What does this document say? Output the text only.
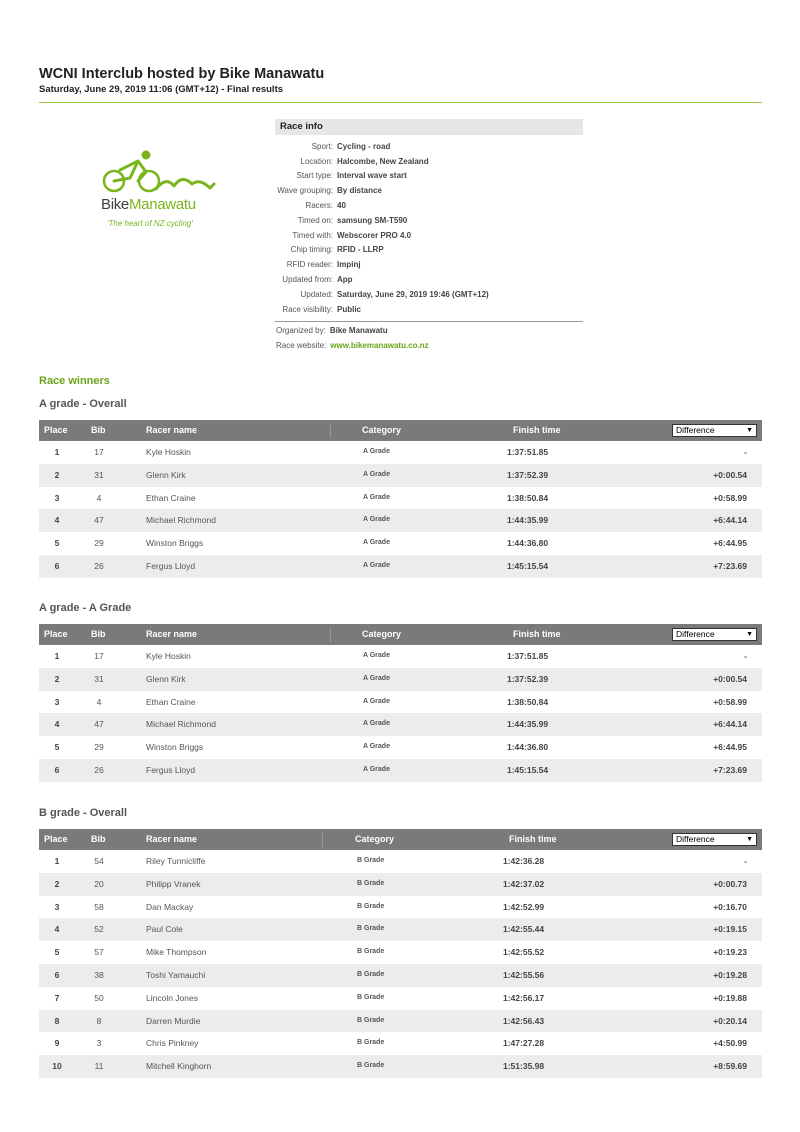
WCNI Interclub hosted by Bike Manawatu
Saturday, June 29, 2019 11:06 (GMT+12) - Final results
BikeManawatu
'The heart of NZ cycling'
Race info
Sport: Cycling - road
Location: Halcombe, New Zealand
Start type: Interval wave start
Wave grouping: By distance
Racers: 40
Timed on: samsung SM-T590
Timed with: Webscorer PRO 4.0
Chip timing: RFID - LLRP
RFID reader: Impinj
Updated from: App
Updated: Saturday, June 29, 2019 19:46 (GMT+12)
Race visibility: Public
Organized by: Bike Manawatu
Race website: www.bikemanawatu.co.nz
Race winners
A grade - Overall
Place	Bib	Racer name	Category	Finish time	Difference	▼
1	17	Kyle Hoskin	A Grade	1:37:51.85	-
2	31	Glenn Kirk	A Grade	1:37:52.39	+0:00.54
3	4	Ethan Craine	A Grade	1:38:50.84	+0:58.99
4	47	Michael Richmond	A Grade	1:44:35.99	+6:44.14
5	29	Winston Briggs	A Grade	1:44:36.80	+6:44.95
6	26	Fergus Lloyd	A Grade	1:45:15.54	+7:23.69
A grade - A Grade
Place	Bib	Racer name	Category	Finish time	Difference	▼
1	17	Kyle Hoskin	A Grade	1:37:51.85	-
2	31	Glenn Kirk	A Grade	1:37:52.39	+0:00.54
3	4	Ethan Craine	A Grade	1:38:50.84	+0:58.99
4	47	Michael Richmond	A Grade	1:44:35.99	+6:44.14
5	29	Winston Briggs	A Grade	1:44:36.80	+6:44.95
6	26	Fergus Lloyd	A Grade	1:45:15.54	+7:23.69
B grade - Overall
Place	Bib	Racer name	Category	Finish time	Difference	▼
1	54	Riley Tunnicliffe	B Grade	1:42:36.28	-
2	20	Philipp Vranek	B Grade	1:42:37.02	+0:00.73
3	58	Dan Mackay	B Grade	1:42:52.99	+0:16.70
4	52	Paul Cole	B Grade	1:42:55.44	+0:19.15
5	57	Mike Thompson	B Grade	1:42:55.52	+0:19.23
6	38	Toshi Yamauchi	B Grade	1:42:55.56	+0:19.28
7	50	Lincoln Jones	B Grade	1:42:56.17	+0:19.88
8	8	Darren Murdie	B Grade	1:42:56.43	+0:20.14
9	3	Chris Pinkney	B Grade	1:47:27.28	+4:50.99
10	11	Mitchell Kinghorn	B Grade	1:51:35.98	+8:59.69
